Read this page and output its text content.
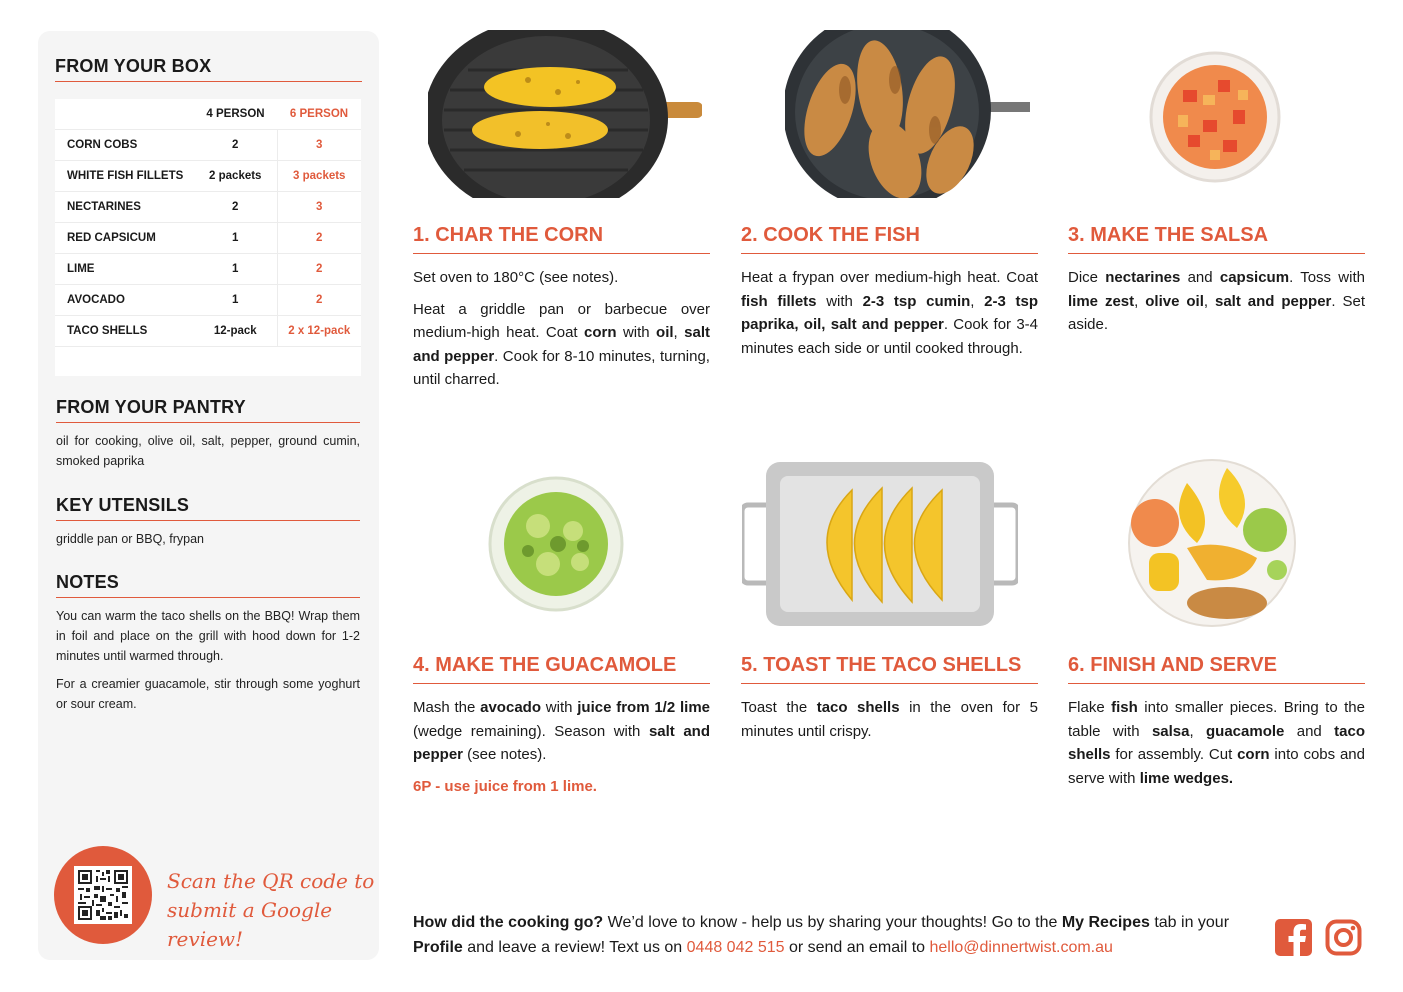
FROM YOUR BOX
	4 PERSON	6 PERSON
CORN COBS	2	3
WHITE FISH FILLETS	2 packets	3 packets
NECTARINES	2	3
RED CAPSICUM	1	2
LIME	1	2
AVOCADO	1	2
TACO SHELLS	12-pack	2 x 12-pack

FROM YOUR PANTRY
oil for cooking, olive oil, salt, pepper, ground cumin, smoked paprika
KEY UTENSILS
griddle pan or BBQ, frypan
NOTES
You can warm the taco shells on the BBQ! Wrap them in foil and place on the grill with hood down for 1-2 minutes until warmed through.
For a creamier guacamole, stir through some yoghurt or sour cream.
Scan the QR code to
submit a Google review!
1. CHAR THE CORN

Set oven to 180°C (see notes).

Heat a griddle pan or barbecue over medium-high heat. Coat corn with oil, salt and pepper. Cook for 8-10 minutes, turning, until charred.

2. COOK THE FISH

Heat a frypan over medium-high heat. Coat fish fillets with 2-3 tsp cumin, 2-3 tsp paprika, oil, salt and pepper. Cook for 3-4 minutes each side or until cooked through.

3. MAKE THE SALSA

Dice nectarines and capsicum. Toss with lime zest, olive oil, salt and pepper. Set aside.

4. MAKE THE GUACAMOLE

Mash the avocado with juice from 1/2 lime (wedge remaining). Season with salt and pepper (see notes).

6P - use juice from 1 lime.

5. TOAST THE TACO SHELLS

Toast the taco shells in the oven for 5 minutes until crispy.

6. FINISH AND SERVE

Flake fish into smaller pieces. Bring to the table with salsa, guacamole and taco shells for assembly. Cut corn into cobs and serve with lime wedges.

How did the cooking go? We’d love to know - help us by sharing your thoughts! Go to the My Recipes tab in your Profile and leave a review! Text us on 0448 042 515 or send an email to hello@dinnertwist.com.au
